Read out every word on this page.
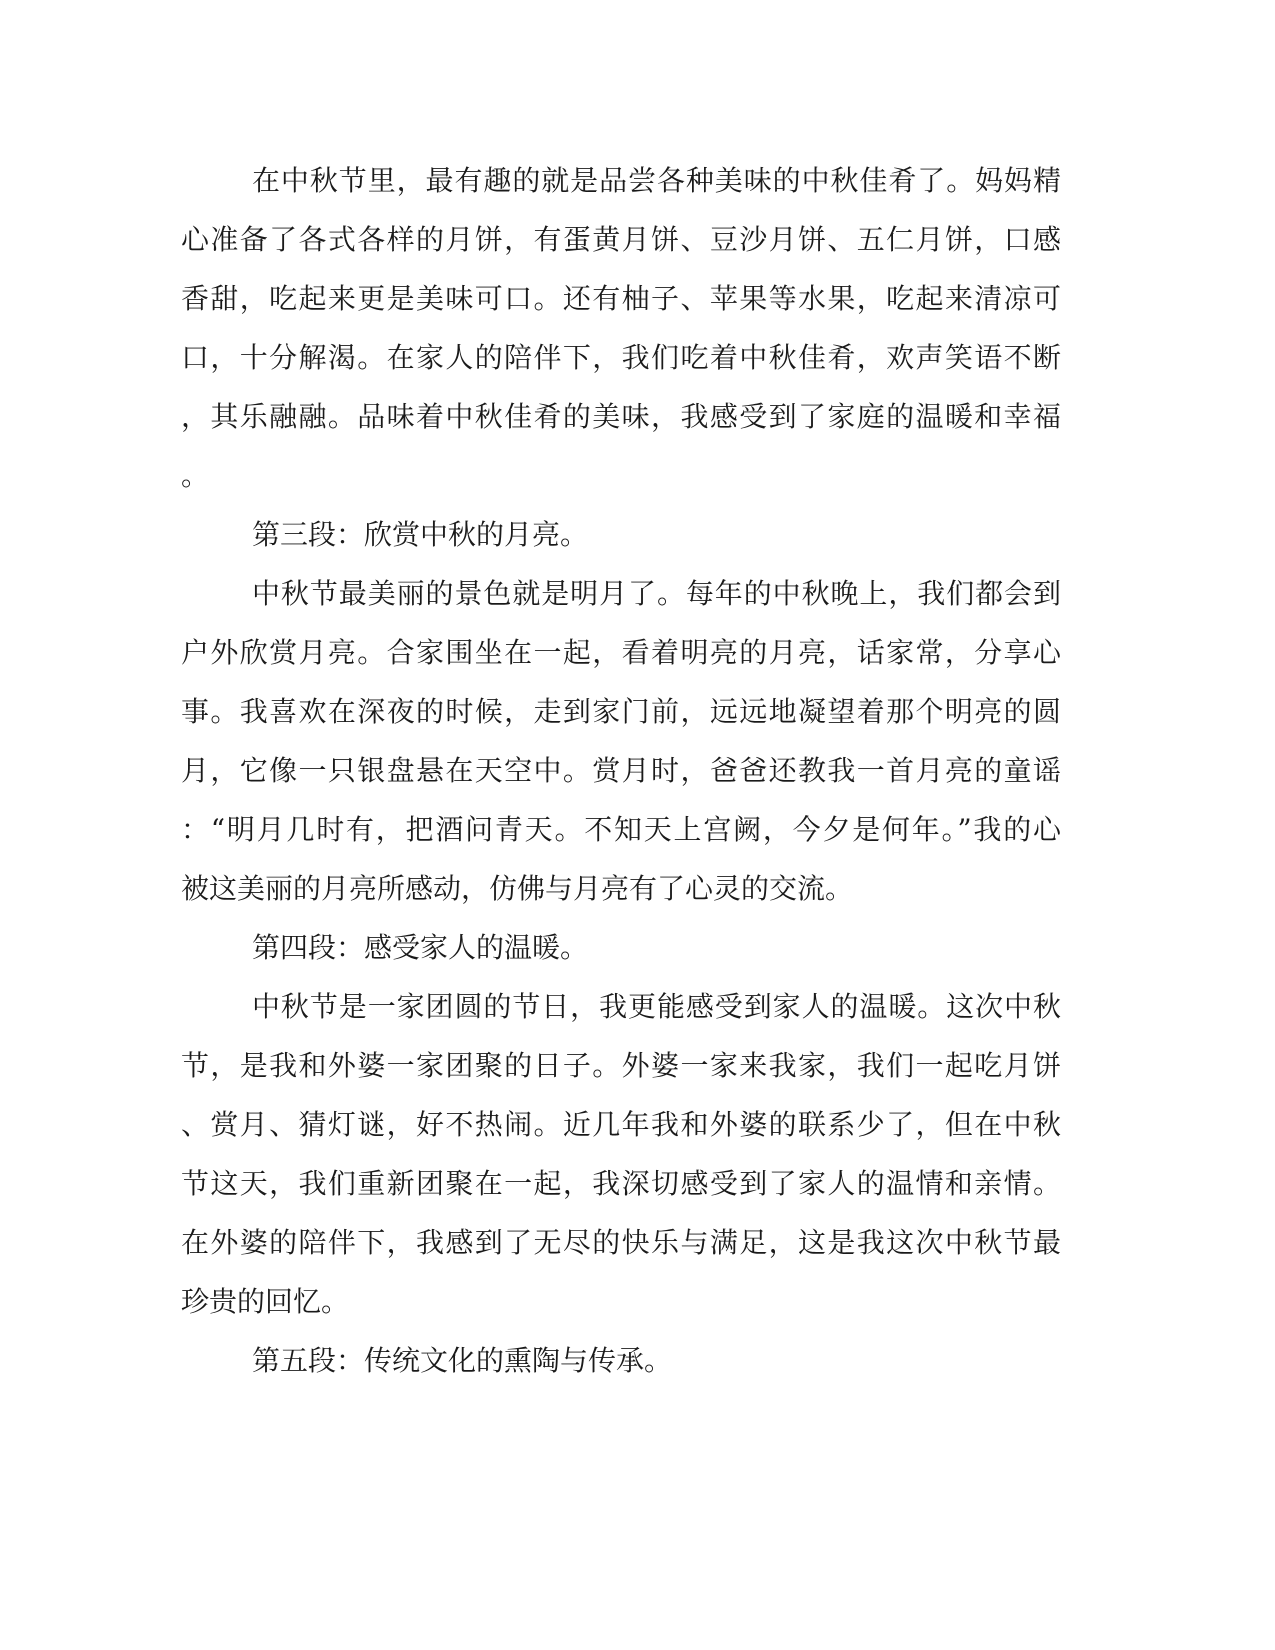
在中秋节里，最有趣的就是品尝各种美味的中秋佳肴了。妈妈精
心准备了各式各样的月饼，有蛋黄月饼、豆沙月饼、五仁月饼，口感
香甜，吃起来更是美味可口。还有柚子、苹果等水果，吃起来清凉可
口，十分解渴。在家人的陪伴下，我们吃着中秋佳肴，欢声笑语不断
，其乐融融。品味着中秋佳肴的美味，我感受到了家庭的温暖和幸福
。
第三段：欣赏中秋的月亮。
中秋节最美丽的景色就是明月了。每年的中秋晚上，我们都会到
户外欣赏月亮。合家围坐在一起，看着明亮的月亮，话家常，分享心
事。我喜欢在深夜的时候，走到家门前，远远地凝望着那个明亮的圆
月，它像一只银盘悬在天空中。赏月时，爸爸还教我一首月亮的童谣
：“明月几时有，把酒问青天。不知天上宫阙，今夕是何年。”我的心
被这美丽的月亮所感动，仿佛与月亮有了心灵的交流。
第四段：感受家人的温暖。
中秋节是一家团圆的节日，我更能感受到家人的温暖。这次中秋
节，是我和外婆一家团聚的日子。外婆一家来我家，我们一起吃月饼
、赏月、猜灯谜，好不热闹。近几年我和外婆的联系少了，但在中秋
节这天，我们重新团聚在一起，我深切感受到了家人的温情和亲情。
在外婆的陪伴下，我感到了无尽的快乐与满足，这是我这次中秋节最
珍贵的回忆。
第五段：传统文化的熏陶与传承。
